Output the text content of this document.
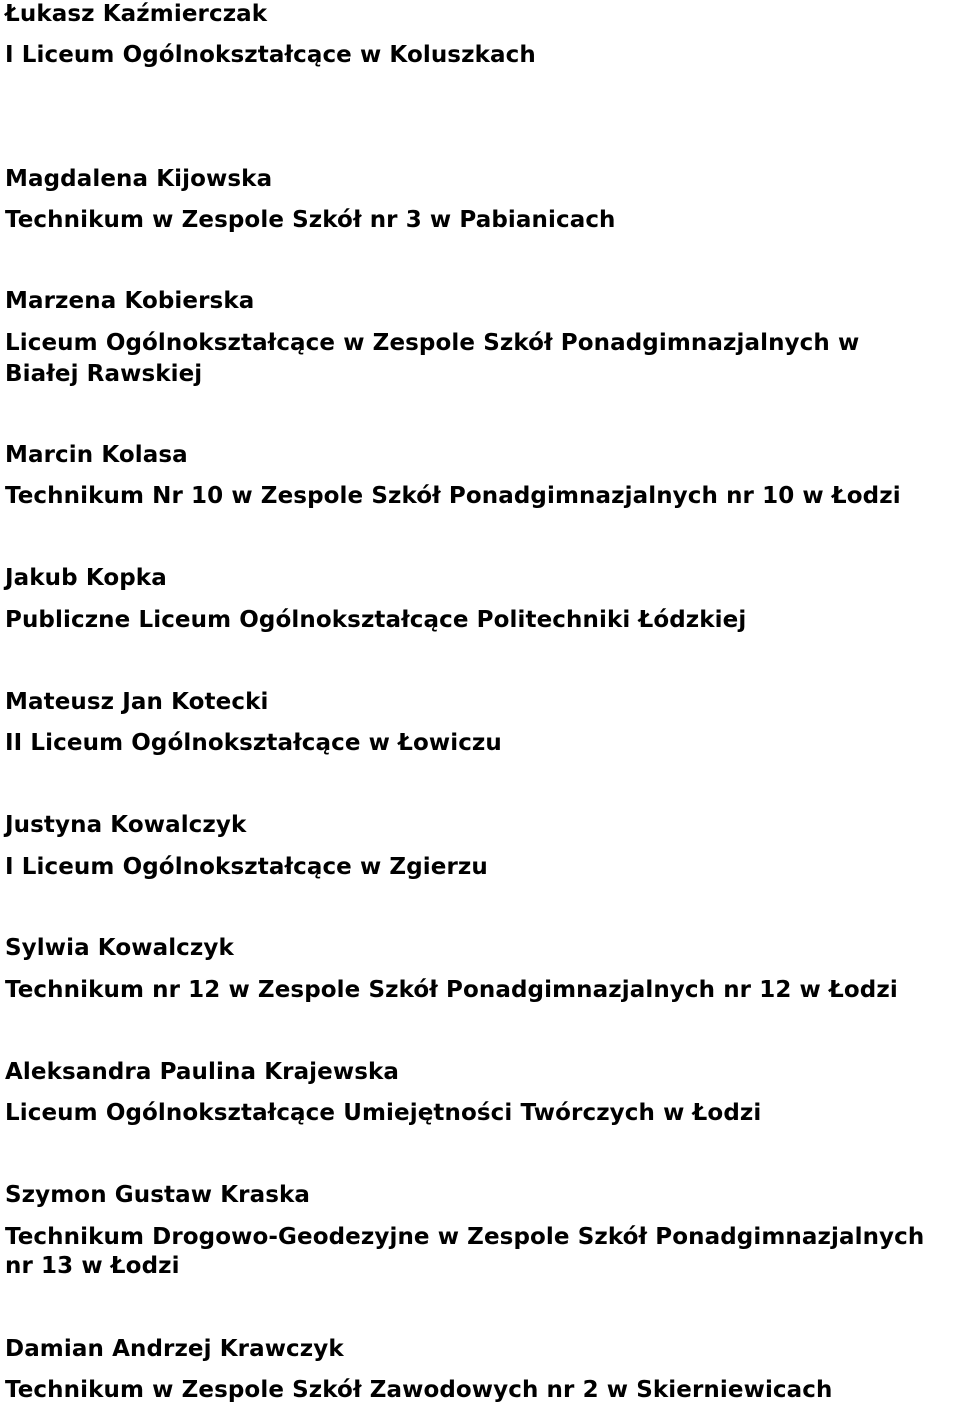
Łukasz Kaźmierczak
I Liceum Ogólnokształcące w Koluszkach
Magdalena Kijowska
Technikum w Zespole Szkół nr 3 w Pabianicach
Marzena Kobierska
Liceum Ogólnokształcące w Zespole Szkół Ponadgimnazjalnych w
Białej Rawskiej
Marcin Kolasa
Technikum Nr 10 w Zespole Szkół Ponadgimnazjalnych nr 10 w Łodzi
Jakub Kopka
Publiczne Liceum Ogólnokształcące Politechniki Łódzkiej
Mateusz Jan Kotecki
II Liceum Ogólnokształcące w Łowiczu
Justyna Kowalczyk
I Liceum Ogólnokształcące w Zgierzu
Sylwia Kowalczyk
Technikum nr 12 w Zespole Szkół Ponadgimnazjalnych nr 12 w Łodzi
Aleksandra Paulina Krajewska
Liceum Ogólnokształcące Umiejętności Twórczych w Łodzi
Szymon Gustaw Kraska
Technikum Drogowo-Geodezyjne w Zespole Szkół Ponadgimnazjalnych
nr 13 w Łodzi
Damian Andrzej Krawczyk
Technikum w Zespole Szkół Zawodowych nr 2 w Skierniewicach
